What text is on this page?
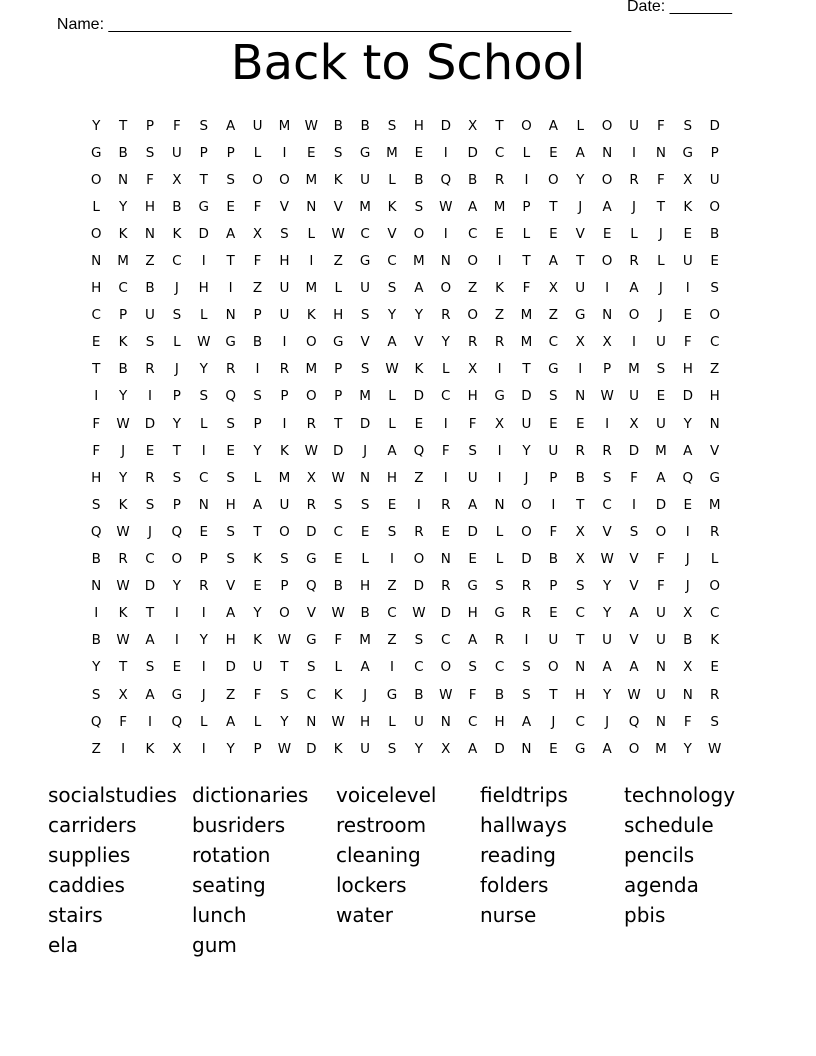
Name: ____________________________________________________

Date: _______

Back to School
Y	T	P	F	S	A	U	M	W	B	B	S	H	D	X	T	O	A	L	O	U	F	S	D
G	B	S	U	P	P	L	I	E	S	G	M	E	I	D	C	L	E	A	N	I	N	G	P
O	N	F	X	T	S	O	O	M	K	U	L	B	Q	B	R	I	O	Y	O	R	F	X	U
L	Y	H	B	G	E	F	V	N	V	M	K	S	W	A	M	P	T	J	A	J	T	K	O
O	K	N	K	D	A	X	S	L	W	C	V	O	I	C	E	L	E	V	E	L	J	E	B
N	M	Z	C	I	T	F	H	I	Z	G	C	M	N	O	I	T	A	T	O	R	L	U	E
H	C	B	J	H	I	Z	U	M	L	U	S	A	O	Z	K	F	X	U	I	A	J	I	S
C	P	U	S	L	N	P	U	K	H	S	Y	Y	R	O	Z	M	Z	G	N	O	J	E	O
E	K	S	L	W	G	B	I	O	G	V	A	V	Y	R	R	M	C	X	X	I	U	F	C
T	B	R	J	Y	R	I	R	M	P	S	W	K	L	X	I	T	G	I	P	M	S	H	Z
I	Y	I	P	S	Q	S	P	O	P	M	L	D	C	H	G	D	S	N	W	U	E	D	H
F	W	D	Y	L	S	P	I	R	T	D	L	E	I	F	X	U	E	E	I	X	U	Y	N
F	J	E	T	I	E	Y	K	W	D	J	A	Q	F	S	I	Y	U	R	R	D	M	A	V
H	Y	R	S	C	S	L	M	X	W	N	H	Z	I	U	I	J	P	B	S	F	A	Q	G
S	K	S	P	N	H	A	U	R	S	S	E	I	R	A	N	O	I	T	C	I	D	E	M
Q	W	J	Q	E	S	T	O	D	C	E	S	R	E	D	L	O	F	X	V	S	O	I	R
B	R	C	O	P	S	K	S	G	E	L	I	O	N	E	L	D	B	X	W	V	F	J	L
N	W	D	Y	R	V	E	P	Q	B	H	Z	D	R	G	S	R	P	S	Y	V	F	J	O
I	K	T	I	I	A	Y	O	V	W	B	C	W	D	H	G	R	E	C	Y	A	U	X	C
B	W	A	I	Y	H	K	W	G	F	M	Z	S	C	A	R	I	U	T	U	V	U	B	K
Y	T	S	E	I	D	U	T	S	L	A	I	C	O	S	C	S	O	N	A	A	N	X	E
S	X	A	G	J	Z	F	S	C	K	J	G	B	W	F	B	S	T	H	Y	W	U	N	R
Q	F	I	Q	L	A	L	Y	N	W	H	L	U	N	C	H	A	J	C	J	Q	N	F	S
Z	I	K	X	I	Y	P	W	D	K	U	S	Y	X	A	D	N	E	G	A	O	M	Y	W
socialstudies dictionaries	voicelevel	fieldtrips	technology
carriders	busriders	restroom	hallways	schedule
supplies	rotation	cleaning	reading	pencils
caddies	seating	lockers	folders	agenda
stairs	lunch	water	nurse	pbis
ela	gum
